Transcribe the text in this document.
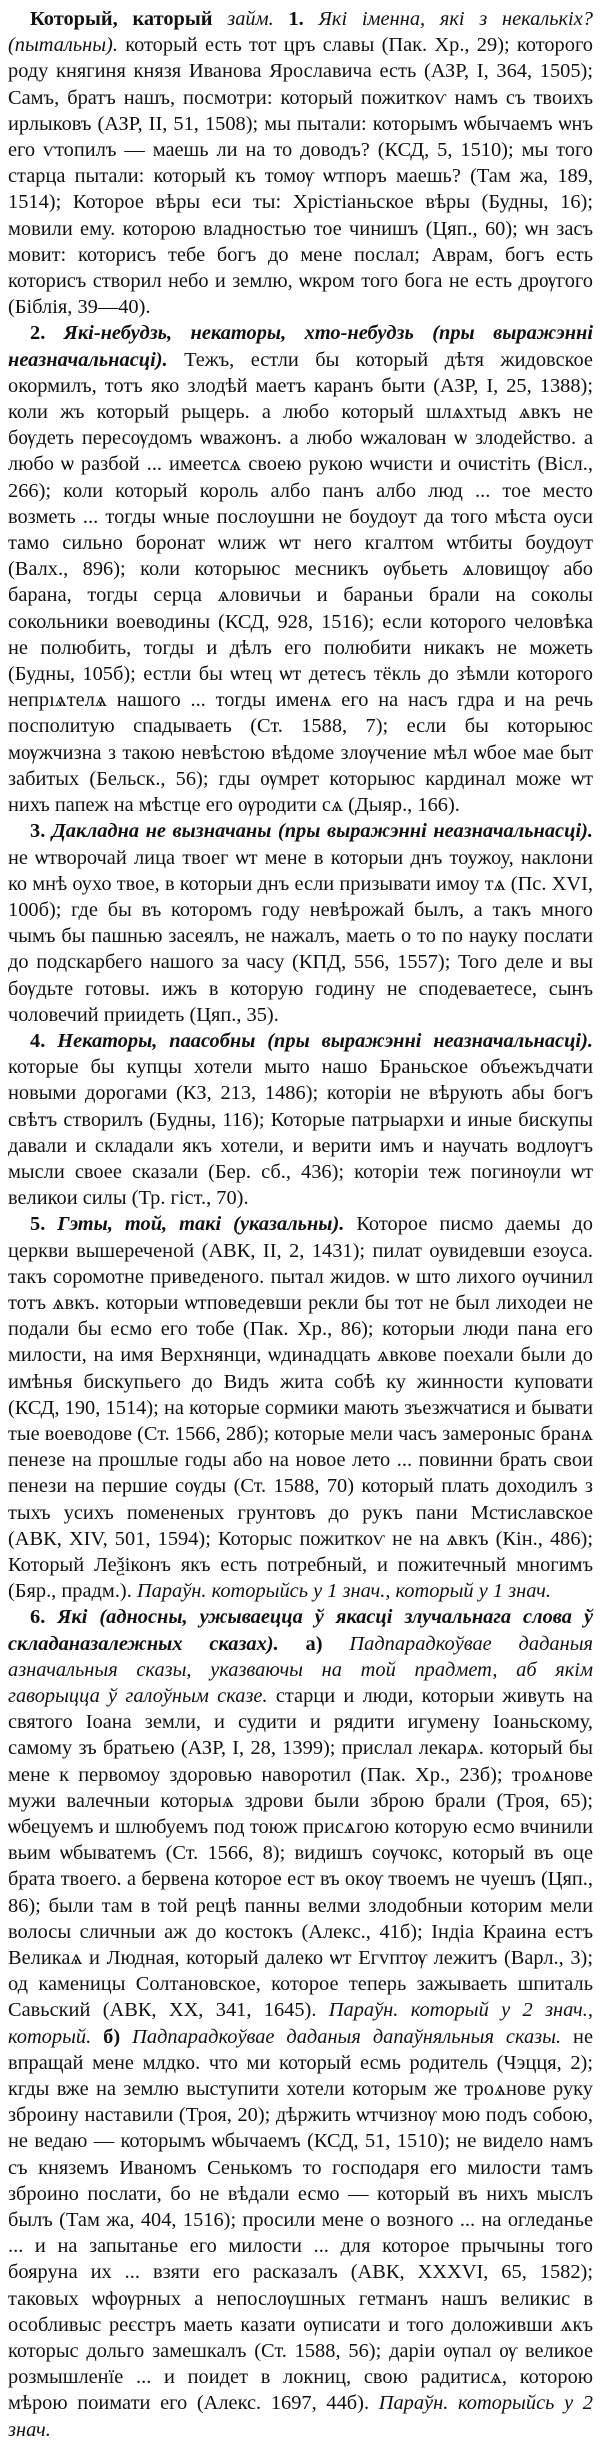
Который, каторый займ. 1. Які іменна, які з некалькіх? (пытальны). который есть тот цръ славы (Пак. Хр., 29); которого роду княгиня князя Иванова Ярославича есть (АЗР, I, 364, 1505); Самъ, братъ нашъ, посмотри: который пожиткоѵ намъ съ твоихъ ирлыковъ (АЗР, II, 51, 1508); мы пытали: которымъ ѡбычаемъ ѡнъ его ѵтопилъ — маешь ли на то доводъ? (КСД, 5, 1510); мы того старца пытали: который къ томѹ ѡтпоръ маешь? (Там жа, 189, 1514); Которое вѣры еси ты: Хрістіаньское вѣры (Будны, 16); мовили ему. которою владностью тое чинишъ (Цяп., 60); ѡн засъ мовит: которисъ тебе богъ до мене послал; Аврам, богъ есть которисъ створил небо и землю, ѡкром того бога не есть дрѹгого (Біблія, 39—40).

2. Які-небудзь, некаторы, хто-небудзь (пры выражэнні неазначальнасці). Тежъ, естли бы который дѣтя жидовское окормилъ, тотъ яко злодѣй маетъ каранъ быти (АЗР, I, 25, 1388); коли жъ который рыцерь. а любо который шлѧхтыд ѧвкъ не бѹдеть пересѹдомъ ѡважонъ. а любо ѡжалован ѡ злодейство. а любо ѡ разбой ... имеетсѧ своею рукою ѡчисти и очистіть (Вісл., 266); коли который король албо панъ албо люд ... тое место возметь ... тогды ѡные послоушни не боудоут да того мѣста оуси тамо сильно боронат ѡлиж ѡт него кгалтом ѡтбиты боудоут (Валх., 896); коли которыюс месникъ ѹбьеть ѧловищѹ або барана, тогды серца ѧловичьи и бараньи брали на соколы сокольники воеводины (КСД, 928, 1516); если которого человѣка не полюбить, тогды и дѣлъ его полюбити никакъ не можеть (Будны, 105б); естли бы ѡтец ѡт детесъ тёкль до зѣмли которого непрıѧтелѧ нашого ... тогды именѧ его на насъ гдра и на речь посполитую спадываеть (Ст. 1588, 7); если бы которыюс мѹжчизна з такою невѣстою вѣдоме злѹчение мѣл ѡбое мае быт забитых (Бельск., 56); гды ѹмрет которыюс кардинал може ѡт нихъ папеж на мѣстце его ѹродити сѧ (Дыяр., 166).

3. Дакладна не вызначаны (пры выражэнні неазначальнасці). не ѡтворочай лица твоег ѡт мене в которыи днъ тоужоу, наклони ко мнѣ оухо твое, в которыи днъ если призывати имоу тѧ (Пс. XVI, 100б); где бы въ которомъ году невѣрожай былъ, а такъ много чымъ бы пашнью засеялъ, не нажалъ, маеть о то по науку послати до подскарбего нашого за часу (КПД, 556, 1557); Того деле и вы бѹдьте готовы. ижъ в которую годину не сподеваетесе, сынъ чоловечий приидеть (Цяп., 35).

4. Некаторы, паасобны (пры выражэнні неазначальнасці). которые бы купцы хотели мыто нашо Браньское объежъдчати новыми дорогами (КЗ, 213, 1486); которіи не вѣрують абы богъ свѣтъ створилъ (Будны, 116); Которые патрыархи и иные бискупы давали и складали якъ хотели, и верити имъ и научать водлѹгъ мысли своее сказали (Бер. сб., 436); которіи теж погинѹли ѡт великои силы (Тр. гіст., 70).

5. Гэты, той, такі (указальны). Которое писмо даемы до церкви вышереченой (АВК, II, 2, 1431); пилат оувидевши езоуса. такъ соромотне приведеного. пытал жидов. ѡ што лихого ѹчинил тотъ ѧвкъ. которыи ѡтповедевши рекли бы тот не был лиходеи не подали бы есмо его тобе (Пак. Хр., 86); которыи люди пана его милости, на имя Верхнянци, ѡдинадцать ѧвкове поехали были до имѣнья бискупьего до Видъ жита собѣ ку жинности куповати (КСД, 190, 1514); на которые сормики мають зъезжчатися и бывати тые воеводове (Ст. 1566, 28б); которые мели часъ замероныс бранѧ пенезе на прошлые годы або на новое лето ... повинни брать свои пенези на першие сѹды (Ст. 1588, 70) который плать доходилъ з тыхъ усихъ помененых грунтовъ до рукъ пани Мстиславское (АВК, XIV, 501, 1594); Которыс пожиткоѵ не на ѧвкъ (Кін., 486); Который Леѯіконъ якъ есть потребный, и пожитечный многимъ (Бяр., прадм.). Параўн. которыйсь у 1 знач., который у 1 знач.

6. Які (адносны, ужываецца ў якасці злучальнага слова ў складаназалежных сказах). а) Падпарадкоўвае даданыя азначальныя сказы, указваючы на той прадмет, аб якім гаворыцца ў галоўным сказе. старци и люди, которыи живуть на святого Іоана земли, и судити и рядити игумену Іоаньскому, самому зъ братьею (АЗР, I, 28, 1399); прислал лекарѧ. который бы мене к первомоу здоровью наворотил (Пак. Хр., 23б); троѧнове мужи валечныи которыѧ здрови были зброю брали (Троя, 65); ѡбецуемъ и шлюбуемъ под тоюж присѧгою которую есмо вчинили вьим ѡбыватемъ (Ст. 1566, 8); видишъ сѹчокс, который въ оце брата твоего. а бервена которое ест въ окѹ твоемъ не чуешъ (Цяп., 86); были там в той рецѣ панны велми злодобныи которим мели волосы сличныи аж до костокъ (Алекс., 41б); Індіа Краина естъ Великаѧ и Людная, который далеко ѡт Егvптѹ лежитъ (Варл., 3); од каменицы Солтановское, которое теперь зажываеть шпиталь Савьский (АВК, XX, 341, 1645). Параўн. который у 2 знач., который. б) Падпарадкоўвае даданыя дапаўняльныя сказы. не впращай мене млдко. что ми который есмь родитель (Чэцця, 2); кгды вже на землю выступити хотели которым же троѧнове руку зброину наставили (Троя, 20); дѣржить ѡтчизнѹ мою подъ собою, не ведаю — которымъ ѡбычаемъ (КСД, 51, 1510); не видело намъ съ княземъ Иваномъ Сенькомъ то господаря его милости тамъ зброино послати, бо не вѣдали есмо — который въ нихъ мыслъ былъ (Там жа, 404, 1516); просили мене о возного ... на огледанье ... и на запытанье его милости ... для которое прычыны того бояруна их ... взяти его расказалъ (АВК, XXXVI, 65, 1582); таковых ѡфѹрных а непослѹшных гетманъ нашъ великис в особливыс реєстръ маеть казати ѹписати и того доложивши ѧкъ которыс дольго замешкалъ (Ст. 1588, 56); дарiи ѹпал ѹ великое розмышленїе ... и поидет в локниц, свою радитисѧ, которою мѣрою поимати его (Алекс. 1697, 44б). Параўн. которыйсь у 2 знач.
